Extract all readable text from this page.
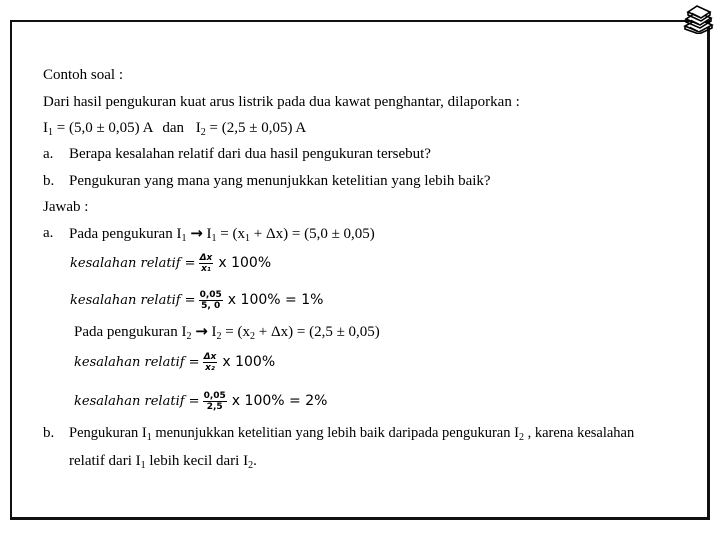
Contoh soal :
Dari hasil pengukuran kuat arus listrik pada dua kawat penghantar, dilaporkan :
$I_1 = (5,0 \pm 0,05)$ A dan $I_2 = (2,5 \pm 0,05)$ A
a. Berapa kesalahan relatif dari dua hasil pengukuran tersebut?
b. Pengukuran yang mana yang menunjukkan ketelitian yang lebih baik?
Jawab :
a. Pada pengukuran $I_1 \to I_1 = (x_1 + \Delta x) = (5,0 \pm 0,05)$
kesalahan relatif = $\frac{\Delta x}{\text{x₁}}$ x 100%
kesalahan relatif = $\frac{0,05}{5, 0}$ x 100% = 1%
Pada pengukuran $I_2 \to I_2 = (x_2 + \Delta x) = (2,5 \pm 0,05)$
kesalahan relatif = $\frac{\Delta x}{\text{x₂}}$ x 100%
kesalahan relatif = $\frac{0,05}{2,5}$ x 100% = 2%
b. Pengukuran $I_1$ menunjukkan ketelitian yang lebih baik daripada pengukuran $I_2$ , karena kesalahan
relatif dari $I_1$ lebih kecil dari $I_2$.
